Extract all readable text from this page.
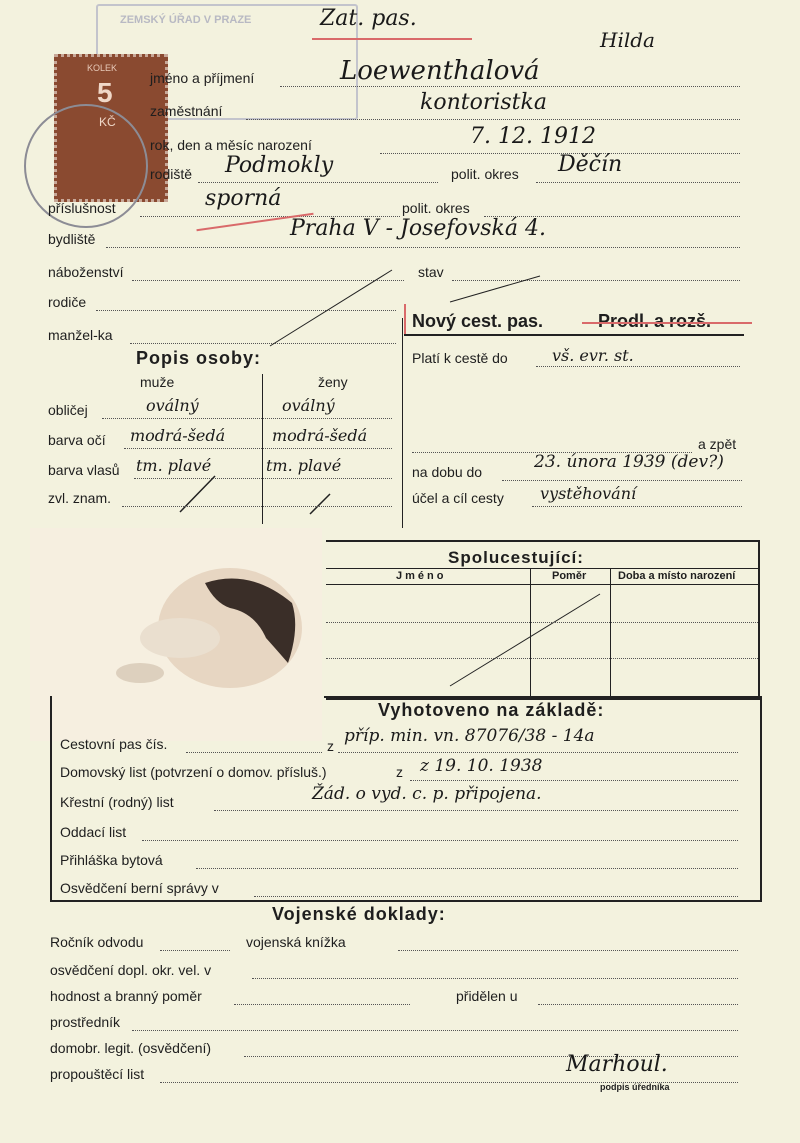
ZEMSKÝ ÚŘAD V PRAZE	Zat. pas.
Hilda
KOLEK
5
KČ
jméno a příjmení	Loewenthalová
zaměstnání	kontoristka
rok, den a měsíc narození	7. 12. 1912
rodiště Podmokly	polit. okres Děčín
příslušnost	sporná	polit. okres
bydliště	Praha V - Josefovská 4.
náboženství	stav
rodiče
manžel-ka
Nový cest. pas.	Prodl. a rozš.
Popis osoby:
muže	ženy
obličej	oválný	oválný
barva očí modrá-šedá	modrá-šedá
barva vlasů tm. plavé	tm. plavé
zvl. znam.
Platí k cestě do	vš. evr. st.
a zpět
na dobu do	23. února 1939 (dev?)
účel a cíl cesty vystěhování
Spolucestující:
Jméno	Poměr	Doba a místo narození
Vyhotoveno na základě:
Cestovní pas čís.	z příp. min. vn. 87076/38 - 14a
Domovský list (potvrzení o domov. přísluš.)	z z 19. 10. 1938
Křestní (rodný) list	Žád. o vyd. c. p. připojena.
Oddací list
Přihláška bytová
Osvědčení berní správy v
Vojenské doklady:
Ročník odvodu	vojenská knížka
osvědčení dopl. okr. vel. v
hodnost a branný poměr	přidělen u
prostředník
domobr. legit. (osvědčení)
propouštěcí list	Marhoul.
podpis úředníka
